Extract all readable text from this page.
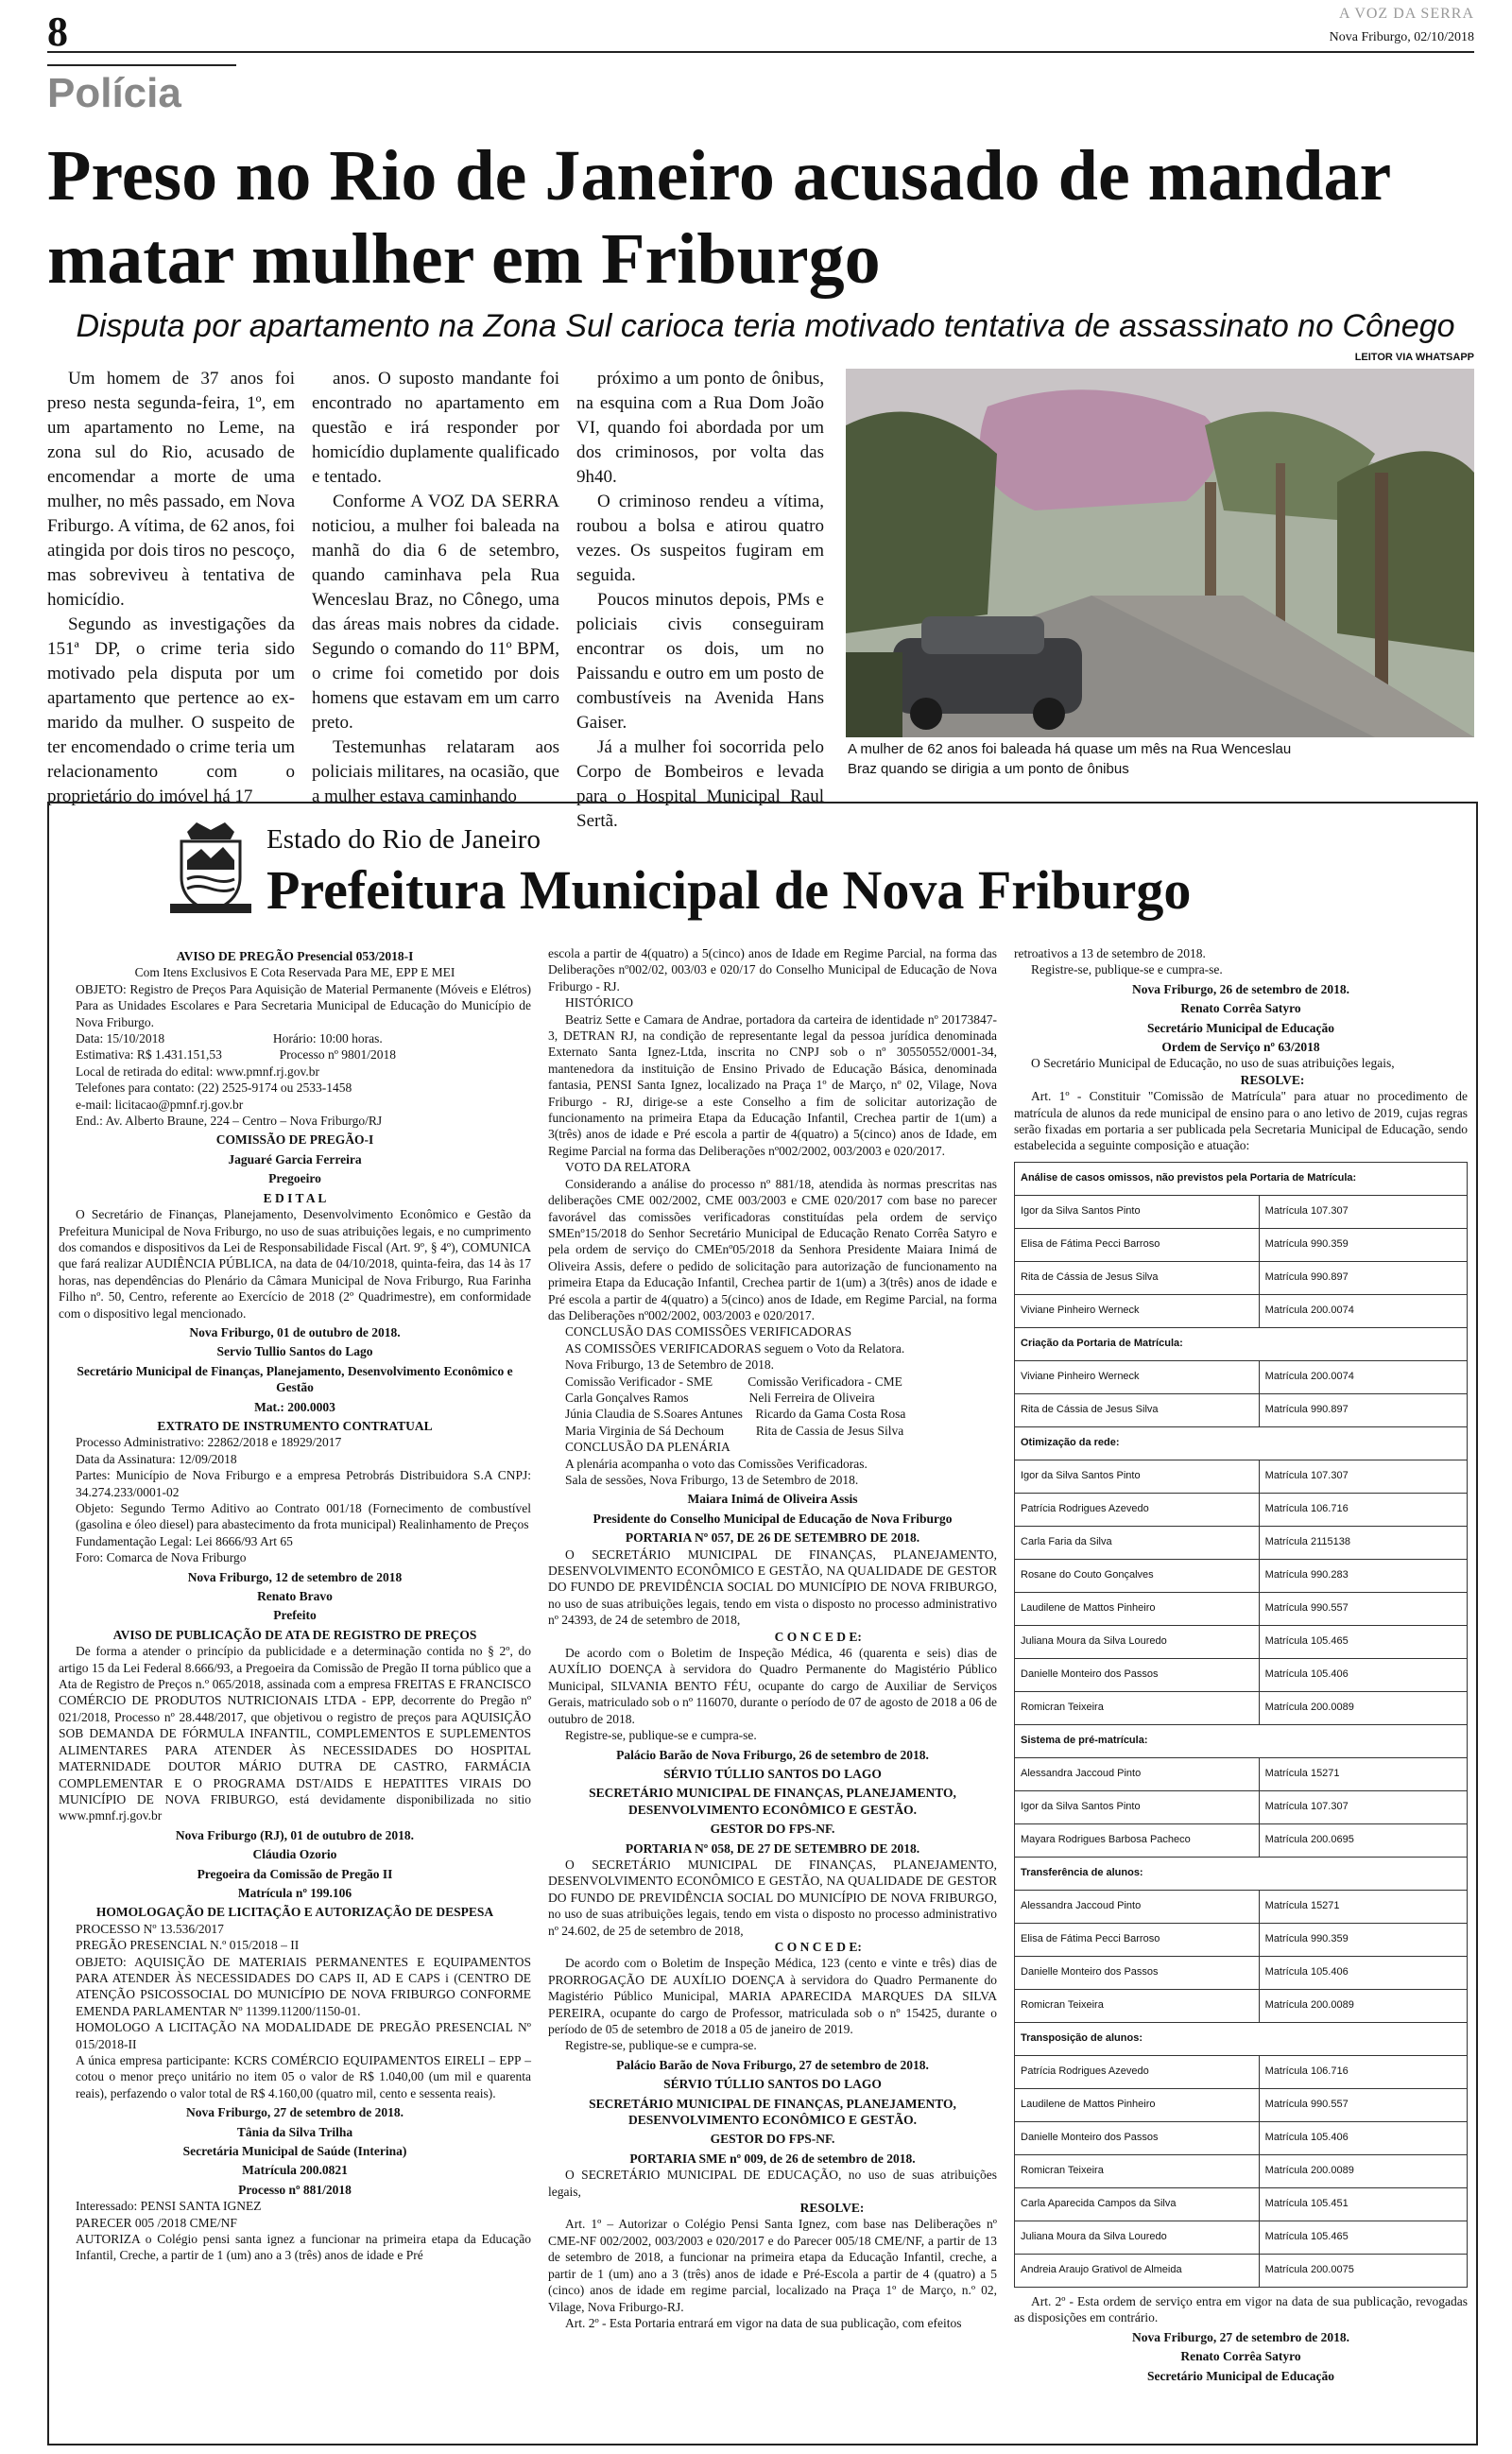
8	A VOZ DA SERRA
Nova Friburgo, 02/10/2018
Polícia
Preso no Rio de Janeiro acusado de mandar matar mulher em Friburgo
Disputa por apartamento na Zona Sul carioca teria motivado tentativa de assassinato no Cônego

Um homem de 37 anos foi preso nesta segunda-feira, 1º, em um apartamento no Leme, na zona sul do Rio, acusado de encomendar a morte de uma mulher, no mês passado, em Nova Friburgo. A vítima, de 62 anos, foi atingida por dois tiros no pescoço, mas sobreviveu à tentativa de homicídio.

Segundo as investigações da 151ª DP, o crime teria sido motivado pela disputa por um apartamento que pertence ao ex-marido da mulher. O suspeito de ter encomendado o crime teria um relacionamento com o proprietário do imóvel há 17

anos. O suposto mandante foi encontrado no apartamento em questão e irá responder por homicídio duplamente qualificado e tentado.

Conforme A VOZ DA SERRA noticiou, a mulher foi baleada na manhã do dia 6 de setembro, quando caminhava pela Rua Wenceslau Braz, no Cônego, uma das áreas mais nobres da cidade. Segundo o comando do 11º BPM, o crime foi cometido por dois homens que estavam em um carro preto.

Testemunhas relataram aos policiais militares, na ocasião, que a mulher estava caminhando

próximo a um ponto de ônibus, na esquina com a Rua Dom João VI, quando foi abordada por um dos criminosos, por volta das 9h40.

O criminoso rendeu a vítima, roubou a bolsa e atirou quatro vezes. Os suspeitos fugiram em seguida.

Poucos minutos depois, PMs e policiais civis conseguiram encontrar os dois, um no Paissandu e outro em um posto de combustíveis na Avenida Hans Gaiser.

Já a mulher foi socorrida pelo Corpo de Bombeiros e levada para o Hospital Municipal Raul Sertã.

LEITOR VIA WHATSAPP
A mulher de 62 anos foi baleada há quase um mês na Rua Wenceslau Braz quando se dirigia a um ponto de ônibus
Estado do Rio de Janeiro
Prefeitura Municipal de Nova Friburgo

AVISO DE PREGÃO Presencial 053/2018-I

Com Itens Exclusivos E Cota Reservada Para ME, EPP E MEI

OBJETO: Registro de Preços Para Aquisição de Material Permanente (Móveis e Elétros) Para as Unidades Escolares e Para Secretaria Municipal de Educação do Município de Nova Friburgo.

Data: 15/10/2018                                  Horário: 10:00 horas.

Estimativa: R$ 1.431.151,53                  Processo nº 9801/2018

Local de retirada do edital: www.pmnf.rj.gov.br

Telefones para contato: (22) 2525-9174 ou 2533-1458

e-mail: licitacao@pmnf.rj.gov.br

End.: Av. Alberto Braune, 224 – Centro – Nova Friburgo/RJ

COMISSÃO DE PREGÃO-I

Jaguaré Garcia Ferreira

Pregoeiro

E D I T A L

O Secretário de Finanças, Planejamento, Desenvolvimento Econômico e Gestão da Prefeitura Municipal de Nova Friburgo, no uso de suas atribuições legais, e no cumprimento dos comandos e dispositivos da Lei de Responsabilidade Fiscal (Art. 9º, § 4º), COMUNICA que fará realizar AUDIÊNCIA PÚBLICA, na data de 04/10/2018, quinta-feira, das 14 às 17 horas, nas dependências do Plenário da Câmara Municipal de Nova Friburgo, Rua Farinha Filho nº. 50, Centro, referente ao Exercício de 2018 (2º Quadrimestre), em conformidade com o dispositivo legal mencionado.

Nova Friburgo, 01 de outubro de 2018.

Servio Tullio Santos do Lago

Secretário Municipal de Finanças, Planejamento, Desenvolvimento Econômico e Gestão

Mat.: 200.0003

EXTRATO DE INSTRUMENTO CONTRATUAL

Processo Administrativo: 22862/2018 e 18929/2017

Data da Assinatura: 12/09/2018

Partes: Município de Nova Friburgo e a empresa Petrobrás Distribuidora S.A CNPJ: 34.274.233/0001-02

Objeto: Segundo Termo Aditivo ao Contrato 001/18 (Fornecimento de combustível (gasolina e óleo diesel) para abastecimento da frota municipal) Realinhamento de Preços

Fundamentação Legal: Lei 8666/93 Art 65

Foro: Comarca de Nova Friburgo

Nova Friburgo, 12 de setembro de 2018

Renato Bravo

Prefeito

AVISO DE PUBLICAÇÃO DE ATA DE REGISTRO DE PREÇOS

De forma a atender o princípio da publicidade e a determinação contida no § 2º, do artigo 15 da Lei Federal 8.666/93, a Pregoeira da Comissão de Pregão II torna público que a Ata de Registro de Preços n.º 065/2018, assinada com a empresa FREITAS E FRANCISCO COMÉRCIO DE PRODUTOS NUTRICIONAIS LTDA - EPP, decorrente do Pregão nº 021/2018, Processo nº 28.448/2017, que objetivou o registro de preços para AQUISIÇÃO SOB DEMANDA DE FÓRMULA INFANTIL, COMPLEMENTOS E SUPLEMENTOS ALIMENTARES PARA ATENDER ÀS NECESSIDADES DO HOSPITAL MATERNIDADE DOUTOR MÁRIO DUTRA DE CASTRO, FARMÁCIA COMPLEMENTAR E O PROGRAMA DST/AIDS E HEPATITES VIRAIS DO MUNICÍPIO DE NOVA FRIBURGO, está devidamente disponibilizada no sitio www.pmnf.rj.gov.br

Nova Friburgo (RJ), 01 de outubro de 2018.

Cláudia Ozorio

Pregoeira da Comissão de Pregão II

Matrícula nº 199.106

HOMOLOGAÇÃO DE LICITAÇÃO E AUTORIZAÇÃO DE DESPESA

PROCESSO Nº 13.536/2017

PREGÃO PRESENCIAL N.º 015/2018 – II

OBJETO: AQUISIÇÃO DE MATERIAIS PERMANENTES E EQUIPAMENTOS PARA ATENDER ÀS NECESSIDADES DO CAPS II, AD E CAPS i (CENTRO DE ATENÇÃO PSICOSSOCIAL DO MUNICÍPIO DE NOVA FRIBURGO CONFORME EMENDA PARLAMENTAR Nº 11399.11200/1150-01.

HOMOLOGO A LICITAÇÃO NA MODALIDADE DE PREGÃO PRESENCIAL Nº 015/2018-II

A única empresa participante: KCRS COMÉRCIO EQUIPAMENTOS EIRELI – EPP – cotou o menor preço unitário no item 05 o valor de R$ 1.040,00 (um mil e quarenta reais), perfazendo o valor total de R$ 4.160,00 (quatro mil, cento e sessenta reais).

Nova Friburgo, 27 de setembro de 2018.

Tânia da Silva Trilha

Secretária Municipal de Saúde (Interina)

Matrícula 200.0821

Processo nº 881/2018

Interessado: PENSI SANTA IGNEZ

PARECER 005 /2018 CME/NF

AUTORIZA o Colégio pensi santa ignez a funcionar na primeira etapa da Educação Infantil, Creche, a partir de 1 (um) ano a 3 (três) anos de idade e Pré

escola a partir de 4(quatro) a 5(cinco) anos de Idade em Regime Parcial, na forma das Deliberações nº002/02, 003/03 e 020/17 do Conselho Municipal de Educação de Nova Friburgo - RJ.

HISTÓRICO

Beatriz Sette e Camara de Andrae, portadora da carteira de identidade nº 20173847-3, DETRAN RJ, na condição de representante legal da pessoa jurídica denominada Externato Santa Ignez-Ltda, inscrita no CNPJ sob o nº 30550552/0001-34, mantenedora da instituição de Ensino Privado de Educação Básica, denominada fantasia, PENSI Santa Ignez, localizado na Praça 1º de Março, nº 02, Vilage, Nova Friburgo - RJ, dirige-se a este Conselho a fim de solicitar autorização de funcionamento na primeira Etapa da Educação Infantil, Crechea partir de 1(um) a 3(três) anos de idade e Pré escola a partir de 4(quatro) a 5(cinco) anos de Idade, em Regime Parcial na forma das Deliberações nº002/2002, 003/2003 e 020/2017.

VOTO DA RELATORA

Considerando a análise do processo nº 881/18, atendida às normas prescritas nas deliberações CME 002/2002, CME 003/2003 e CME 020/2017 com base no parecer favorável das comissões verificadoras constituídas pela ordem de serviço SMEnº15/2018 do Senhor Secretário Municipal de Educação Renato Corrêa Satyro e pela ordem de serviço do CMEnº05/2018 da Senhora Presidente Maiara Inimá de Oliveira Assis, defere o pedido de solicitação para autorização de funcionamento na primeira Etapa da Educação Infantil, Crechea partir de 1(um) a 3(três) anos de idade e Pré escola a partir de 4(quatro) a 5(cinco) anos de Idade, em Regime Parcial, na forma das Deliberações nº002/2002, 003/2003 e 020/2017.

CONCLUSÃO DAS COMISSÕES VERIFICADORAS

AS COMISSÕES VERIFICADORAS seguem o Voto da Relatora.

Nova Friburgo, 13 de Setembro de 2018.

Comissão Verificador - SME           Comissão Verificadora - CME

Carla Gonçalves Ramos                   Neli Ferreira de Oliveira

Júnia Claudia de S.Soares Antunes    Ricardo da Gama Costa Rosa

Maria Virginia de Sá Dechoum          Rita de Cassia de Jesus Silva

CONCLUSÃO DA PLENÁRIA

A plenária acompanha o voto das Comissões Verificadoras.

Sala de sessões, Nova Friburgo, 13 de Setembro de 2018.

Maiara Inimá de Oliveira Assis

Presidente do Conselho Municipal de Educação de Nova Friburgo

PORTARIA Nº 057, DE 26 DE SETEMBRO DE 2018.

O SECRETÁRIO MUNICIPAL DE FINANÇAS, PLANEJAMENTO, DESENVOLVIMENTO ECONÔMICO E GESTÃO, NA QUALIDADE DE GESTOR DO FUNDO DE PREVIDÊNCIA SOCIAL DO MUNICÍPIO DE NOVA FRIBURGO, no uso de suas atribuições legais, tendo em vista o disposto no processo administrativo nº 24393, de 24 de setembro de 2018,

C O N C E D E:

De acordo com o Boletim de Inspeção Médica, 46 (quarenta e seis) dias de AUXÍLIO DOENÇA à servidora do Quadro Permanente do Magistério Público Municipal, SILVANIA BENTO FÉU, ocupante do cargo de Auxiliar de Serviços Gerais, matriculado sob o nº 116070, durante o período de 07 de agosto de 2018 a 06 de outubro de 2018.

Registre-se, publique-se e cumpra-se.

Palácio Barão de Nova Friburgo, 26 de setembro de 2018.

SÉRVIO TÚLLIO SANTOS DO LAGO

SECRETÁRIO MUNICIPAL DE FINANÇAS, PLANEJAMENTO, DESENVOLVIMENTO ECONÔMICO E GESTÃO.

GESTOR DO FPS-NF.

PORTARIA Nº 058, DE 27 DE SETEMBRO DE 2018.

O SECRETÁRIO MUNICIPAL DE FINANÇAS, PLANEJAMENTO, DESENVOLVIMENTO ECONÔMICO E GESTÃO, NA QUALIDADE DE GESTOR DO FUNDO DE PREVIDÊNCIA SOCIAL DO MUNICÍPIO DE NOVA FRIBURGO, no uso de suas atribuições legais, tendo em vista o disposto no processo administrativo nº 24.602, de 25 de setembro de 2018,

C O N C E D E:

De acordo com o Boletim de Inspeção Médica, 123 (cento e vinte e três) dias de PRORROGAÇÃO DE AUXÍLIO DOENÇA à servidora do Quadro Permanente do Magistério Público Municipal, MARIA APARECIDA MARQUES DA SILVA PEREIRA, ocupante do cargo de Professor, matriculada sob o nº 15425, durante o período de 05 de setembro de 2018 a 05 de janeiro de 2019.

Registre-se, publique-se e cumpra-se.

Palácio Barão de Nova Friburgo, 27 de setembro de 2018.

SÉRVIO TÚLLIO SANTOS DO LAGO

SECRETÁRIO MUNICIPAL DE FINANÇAS, PLANEJAMENTO, DESENVOLVIMENTO ECONÔMICO E GESTÃO.

GESTOR DO FPS-NF.

PORTARIA SME nº 009, de 26 de setembro de 2018.

O SECRETÁRIO MUNICIPAL DE EDUCAÇÃO, no uso de suas atribuições legais,

RESOLVE:

Art. 1º – Autorizar o Colégio Pensi Santa Ignez, com base nas Deliberações nº CME-NF 002/2002, 003/2003 e 020/2017 e do Parecer 005/18 CME/NF, a partir de 13 de setembro de 2018, a funcionar na primeira etapa da Educação Infantil, creche, a partir de 1 (um) ano a 3 (três) anos de idade e Pré-Escola a partir de 4 (quatro) a 5 (cinco) anos de idade em regime parcial, localizado na Praça 1º de Março, n.º 02, Vilage, Nova Friburgo-RJ.

Art. 2º - Esta Portaria entrará em vigor na data de sua publicação, com efeitos

retroativos a 13 de setembro de 2018.

Registre-se, publique-se e cumpra-se.

Nova Friburgo, 26 de setembro de 2018.

Renato Corrêa Satyro

Secretário Municipal de Educação

Ordem de Serviço nº 63/2018

O Secretário Municipal de Educação, no uso de suas atribuições legais,

RESOLVE:

Art. 1º - Constituir "Comissão de Matrícula" para atuar no procedimento de matrícula de alunos da rede municipal de ensino para o ano letivo de 2019, cujas regras serão fixadas em portaria a ser publicada pela Secretaria Municipal de Educação, sendo estabelecida a seguinte composição e atuação:

Análise de casos omissos, não previstos pela Portaria de Matrícula:	
Igor da Silva Santos Pinto	Matrícula 107.307
Elisa de Fátima Pecci Barroso	Matrícula 990.359
Rita de Cássia de Jesus Silva	Matrícula 990.897
Viviane Pinheiro Werneck	Matrícula 200.0074
Criação da Portaria de Matrícula:	
Viviane Pinheiro Werneck	Matrícula 200.0074
Rita de Cássia de Jesus Silva	Matrícula 990.897
Otimização da rede:	
Igor da Silva Santos Pinto	Matrícula 107.307
Patrícia Rodrigues Azevedo	Matrícula 106.716
Carla Faria da Silva	Matrícula 2115138
Rosane do Couto Gonçalves	Matrícula 990.283
Laudilene de Mattos Pinheiro	Matrícula 990.557
Juliana Moura da Silva Louredo	Matrícula 105.465
Danielle Monteiro dos Passos	Matrícula 105.406
Romicran Teixeira	Matrícula 200.0089
Sistema de pré-matrícula:	
Alessandra Jaccoud Pinto	Matrícula 15271
Igor da Silva Santos Pinto	Matrícula 107.307
Mayara Rodrigues Barbosa Pacheco	Matrícula 200.0695
Transferência de alunos:	
Alessandra Jaccoud Pinto	Matrícula 15271
Elisa de Fátima Pecci Barroso	Matrícula 990.359
Danielle Monteiro dos Passos	Matrícula 105.406
Romicran Teixeira	Matrícula 200.0089
Transposição de alunos:	
Patrícia Rodrigues Azevedo	Matrícula 106.716
Laudilene de Mattos Pinheiro	Matrícula 990.557
Danielle Monteiro dos Passos	Matrícula 105.406
Romicran Teixeira	Matrícula 200.0089
Carla Aparecida Campos da Silva	Matrícula 105.451
Juliana Moura da Silva Louredo	Matrícula 105.465
Andreia Araujo Grativol de Almeida	Matrícula 200.0075

Art. 2º - Esta ordem de serviço entra em vigor na data de sua publicação, revogadas as disposições em contrário.

Nova Friburgo, 27 de setembro de 2018.

Renato Corrêa Satyro

Secretário Municipal de Educação
